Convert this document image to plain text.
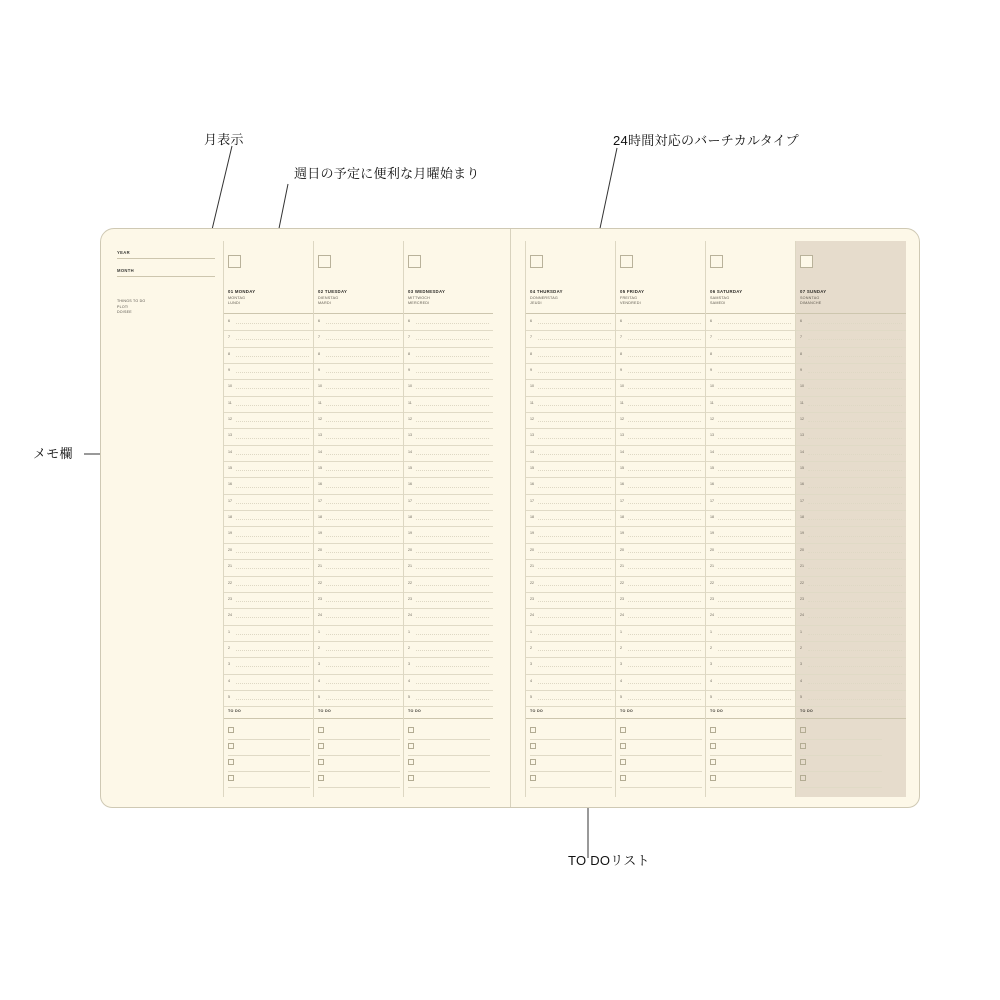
月表示
週日の予定に便利な月曜始まり
24時間対応のバーチカルタイプ
メモ欄
TO DOリスト
YEAR
MONTH
THINGS TO DO
PLOT!
DO/SEE
01 MONDAY
MONTAG
LUNDI
6
7
8
9
10
11
12
13
14
15
16
17
18
19
20
21
22
23
24
1
2
3
4
5
TO DO
02 TUESDAY
DIENSTAG
MARDI
6
7
8
9
10
11
12
13
14
15
16
17
18
19
20
21
22
23
24
1
2
3
4
5
TO DO
03 WEDNESDAY
MITTWOCH
MERCREDI
6
7
8
9
10
11
12
13
14
15
16
17
18
19
20
21
22
23
24
1
2
3
4
5
TO DO
04 THURSDAY
DONNERSTAG
JEUDI
6
7
8
9
10
11
12
13
14
15
16
17
18
19
20
21
22
23
24
1
2
3
4
5
TO DO
05 FRIDAY
FREITAG
VENDREDI
6
7
8
9
10
11
12
13
14
15
16
17
18
19
20
21
22
23
24
1
2
3
4
5
TO DO
06 SATURDAY
SAMSTAG
SAMEDI
6
7
8
9
10
11
12
13
14
15
16
17
18
19
20
21
22
23
24
1
2
3
4
5
TO DO
07 SUNDAY
SONNTAG
DIMANCHE
6
7
8
9
10
11
12
13
14
15
16
17
18
19
20
21
22
23
24
1
2
3
4
5
TO DO
